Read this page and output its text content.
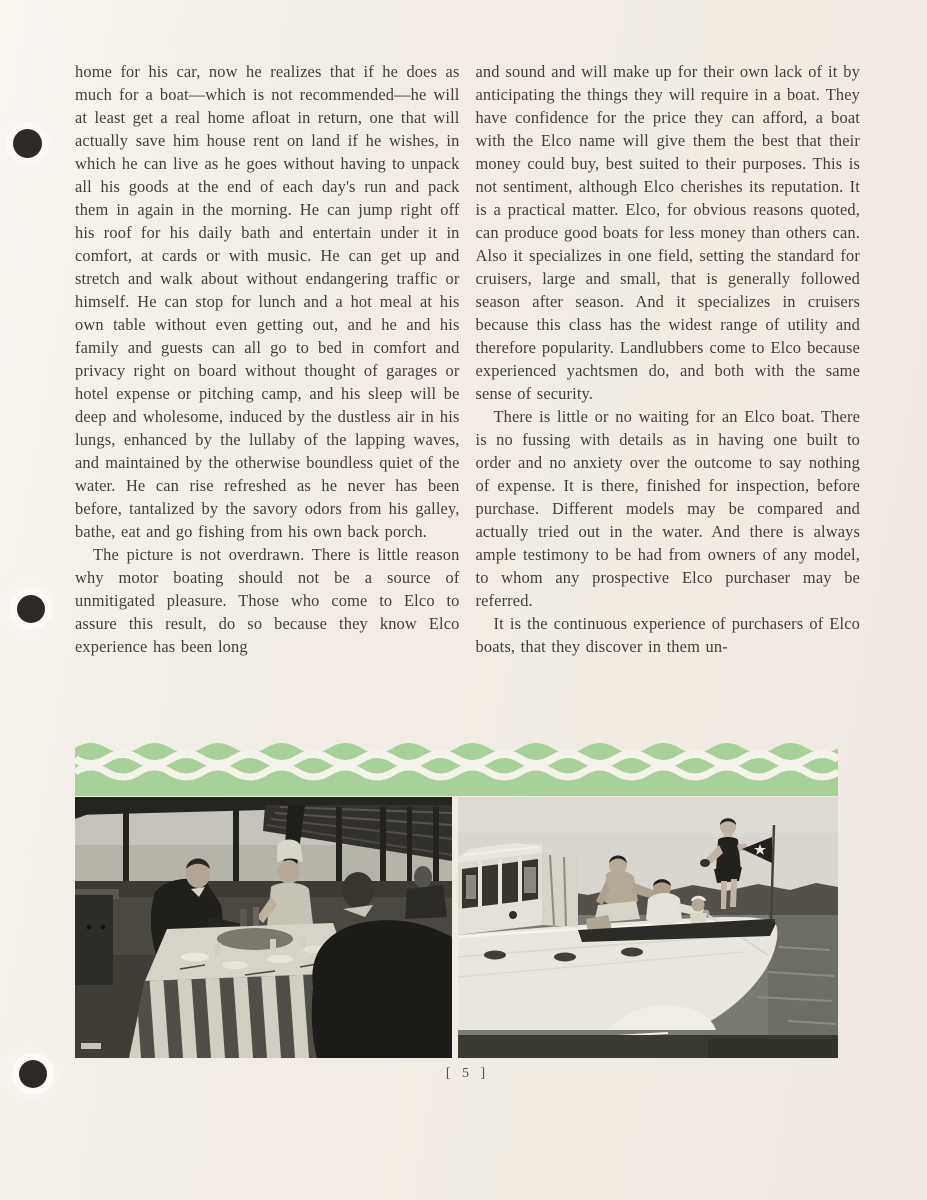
home for his car, now he realizes that if he does as much for a boat—which is not recommended—he will at least get a real home afloat in return, one that will actually save him house rent on land if he wishes, in which he can live as he goes without having to unpack all his goods at the end of each day's run and pack them in again in the morning. He can jump right off his roof for his daily bath and entertain under it in comfort, at cards or with music. He can get up and stretch and walk about without endangering traffic or himself. He can stop for lunch and a hot meal at his own table without even getting out, and he and his family and guests can all go to bed in comfort and privacy right on board without thought of garages or hotel expense or pitching camp, and his sleep will be deep and wholesome, induced by the dustless air in his lungs, enhanced by the lullaby of the lapping waves, and maintained by the otherwise boundless quiet of the water. He can rise refreshed as he never has been before, tantalized by the savory odors from his galley, bathe, eat and go fishing from his own back porch.

The picture is not overdrawn. There is little reason why motor boating should not be a source of unmitigated pleasure. Those who come to Elco to assure this result, do so because they know Elco experience has been long

and sound and will make up for their own lack of it by anticipating the things they will require in a boat. They have confidence for the price they can afford, a boat with the Elco name will give them the best that their money could buy, best suited to their purposes. This is not sentiment, although Elco cherishes its reputation. It is a practical matter. Elco, for obvious reasons quoted, can produce good boats for less money than others can. Also it specializes in one field, setting the standard for cruisers, large and small, that is generally followed season after season. And it specializes in cruisers because this class has the widest range of utility and therefore popularity. Landlubbers come to Elco because experienced yachtsmen do, and both with the same sense of security.

There is little or no waiting for an Elco boat. There is no fussing with details as in having one built to order and no anxiety over the outcome to say nothing of expense. It is there, finished for inspection, before purchase. Different models may be compared and actually tried out in the water. And there is always ample testimony to be had from owners of any model, to whom any prospective Elco purchaser may be referred.

It is the continuous experience of purchasers of Elco boats, that they discover in them un-

[ 5 ]
